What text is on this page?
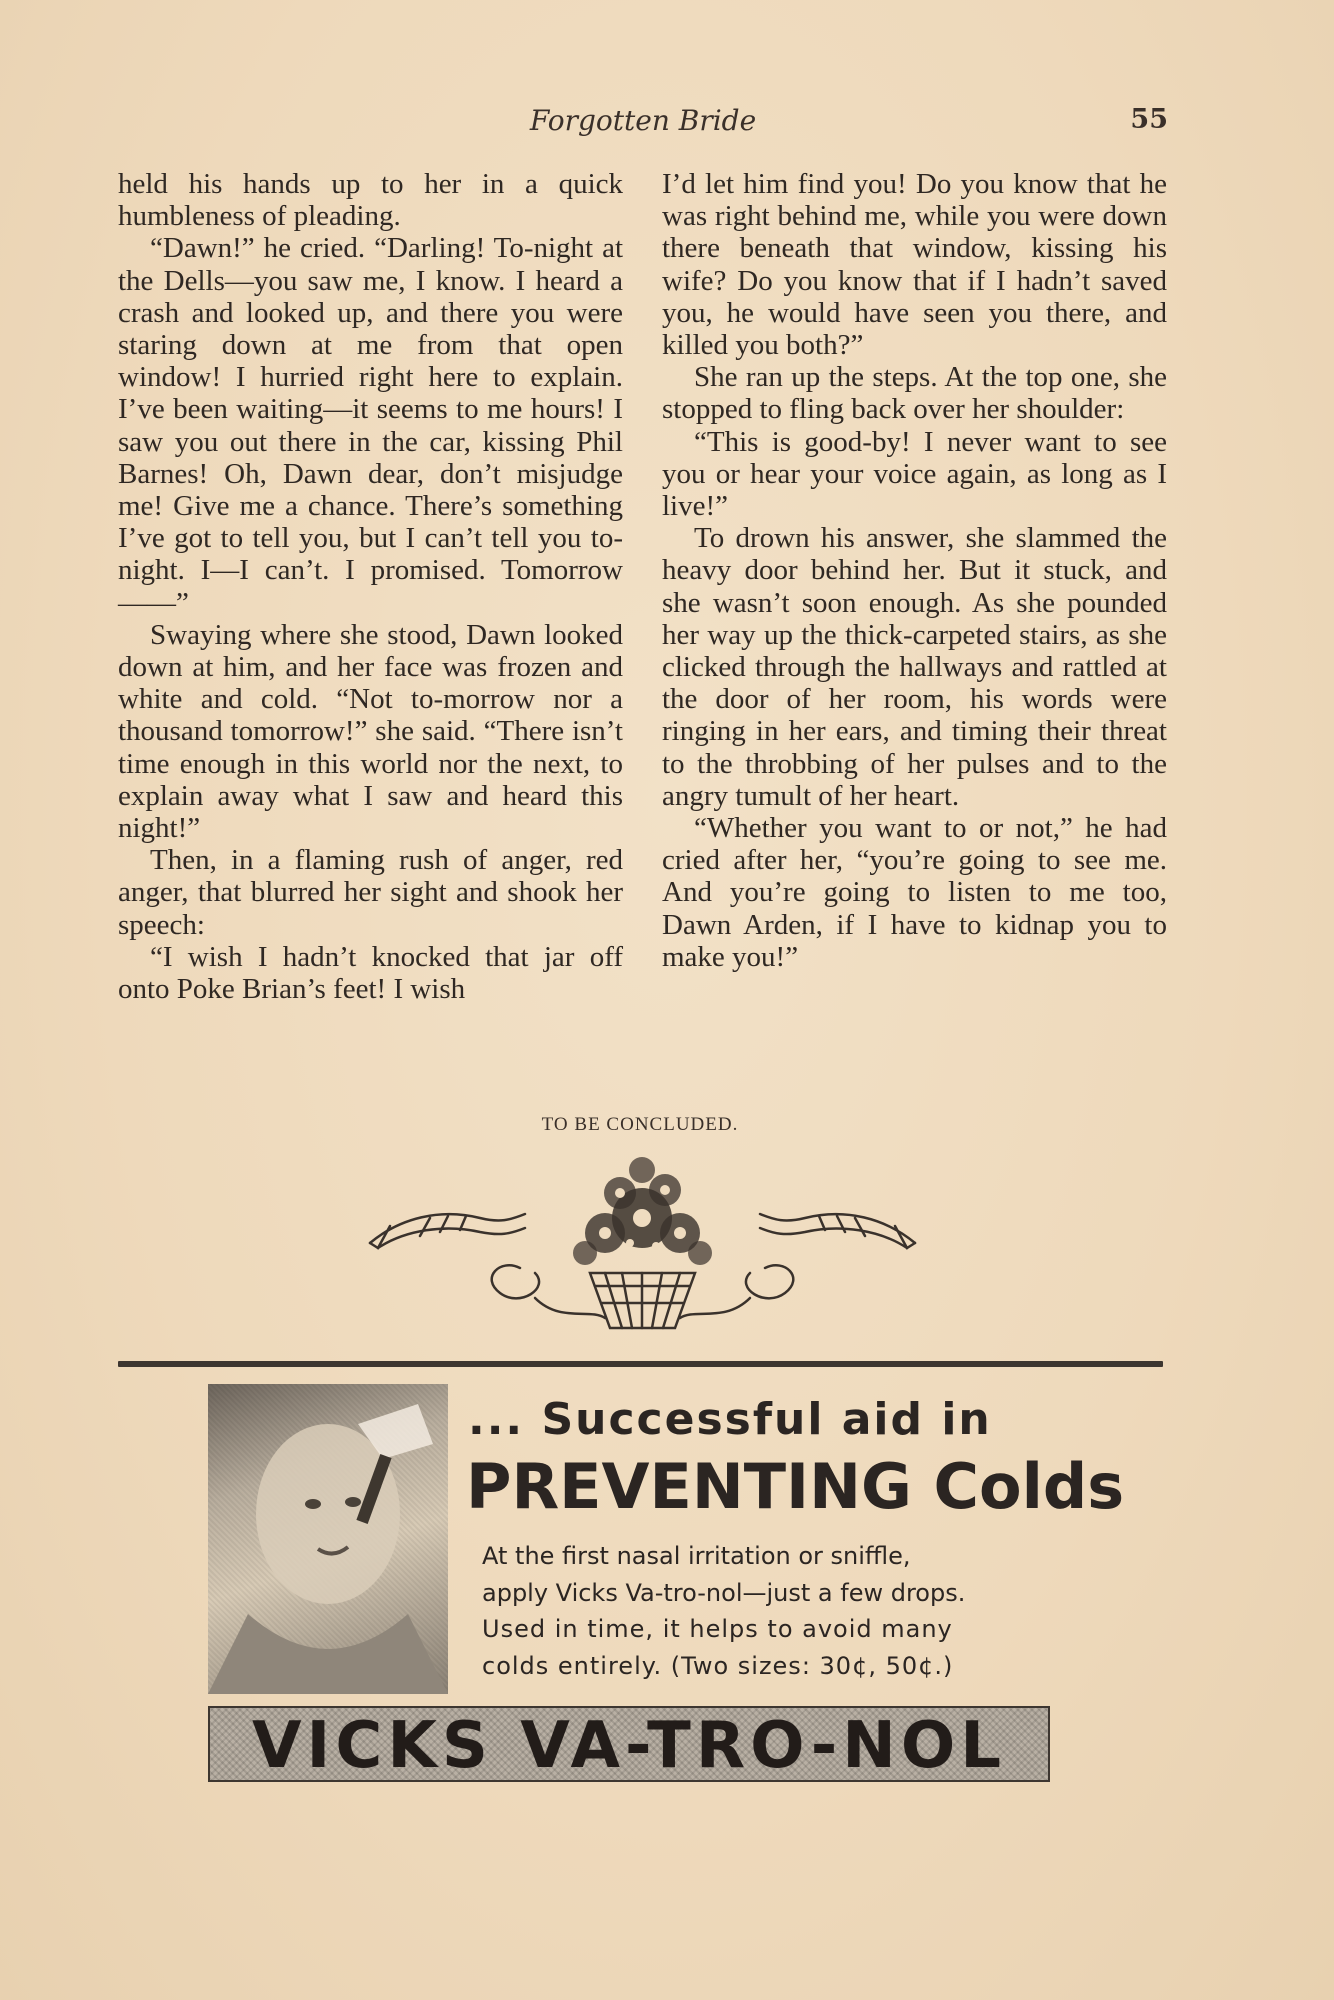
Forgotten Bride	55

held his hands up to her in a quick humbleness of pleading.

“Dawn!” he cried. “Darling! To-night at the Dells—you saw me, I know. I heard a crash and looked up, and there you were staring down at me from that open window! I hurried right here to explain. I’ve been waiting—it seems to me hours! I saw you out there in the car, kissing Phil Barnes! Oh, Dawn dear, don’t misjudge me! Give me a chance. There’s something I’ve got to tell you, but I can’t tell you tonight. I—I can’t. I promised. Tomorrow——”

Swaying where she stood, Dawn looked down at him, and her face was frozen and white and cold. “Not to-morrow nor a thousand tomorrow!” she said. “There isn’t time enough in this world nor the next, to explain away what I saw and heard this night!”

Then, in a flaming rush of anger, red anger, that blurred her sight and shook her speech:

“I wish I hadn’t knocked that jar off onto Poke Brian’s feet! I wish

I’d let him find you! Do you know that he was right behind me, while you were down there beneath that window, kissing his wife? Do you know that if I hadn’t saved you, he would have seen you there, and killed you both?”

She ran up the steps. At the top one, she stopped to fling back over her shoulder:

“This is good-by! I never want to see you or hear your voice again, as long as I live!”

To drown his answer, she slammed the heavy door behind her. But it stuck, and she wasn’t soon enough. As she pounded her way up the thick-carpeted stairs, as she clicked through the hallways and rattled at the door of her room, his words were ringing in her ears, and timing their threat to the throbbing of her pulses and to the angry tumult of her heart.

“Whether you want to or not,” he had cried after her, “you’re going to see me. And you’re going to listen to me too, Dawn Arden, if I have to kidnap you to make you!”

TO BE CONCLUDED.
... Successful aid in
PREVENTING Colds
At the first nasal irritation or sniffle,
apply Vicks Va-tro-nol—just a few drops.
Used in time, it helps to avoid many
colds entirely. (Two sizes: 30¢, 50¢.)
VICKS VA-TRO-NOL
